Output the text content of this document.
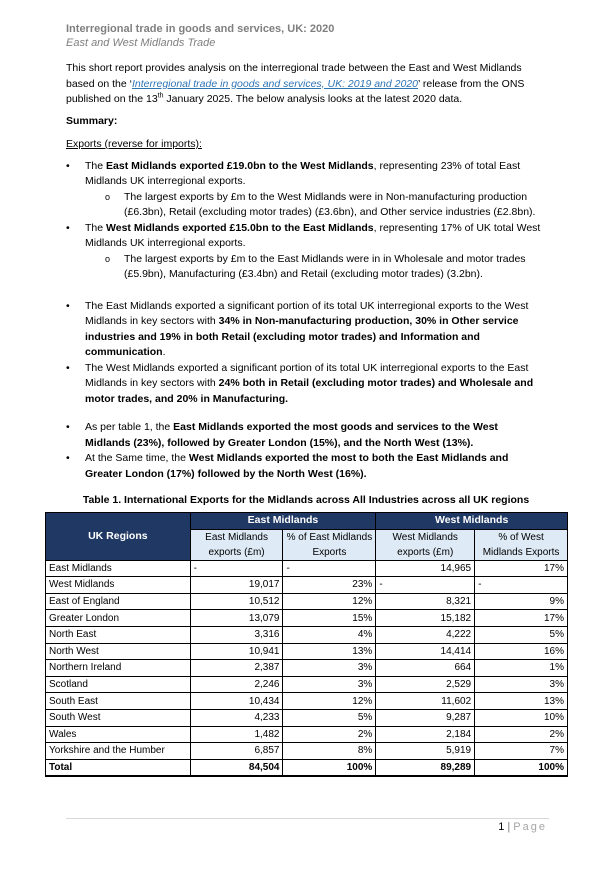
Interregional trade in goods and services, UK: 2020

East and West Midlands Trade

This short report provides analysis on the interregional trade between the East and West Midlands based on the ‘Interregional trade in goods and services, UK: 2019 and 2020’ release from the ONS published on the 13th January 2025. The below analysis looks at the latest 2020 data.

Summary:

Exports (reverse for imports):

• The East Midlands exported £19.0bn to the West Midlands, representing 23% of total East Midlands UK interregional exports.
o The largest exports by £m to the West Midlands were in Non-manufacturing production (£6.3bn), Retail (excluding motor trades) (£3.6bn), and Other service industries (£2.8bn).
• The West Midlands exported £15.0bn to the East Midlands, representing 17% of UK total West Midlands UK interregional exports.
o The largest exports by £m to the East Midlands were in in Wholesale and motor trades (£5.9bn), Manufacturing (£3.4bn) and Retail (excluding motor trades) (3.2bn).
• The East Midlands exported a significant portion of its total UK interregional exports to the West Midlands in key sectors with 34% in Non-manufacturing production, 30% in Other service industries and 19% in both Retail (excluding motor trades) and Information and communication.
• The West Midlands exported a significant portion of its total UK interregional exports to the East Midlands in key sectors with 24% both in Retail (excluding motor trades) and Wholesale and motor trades, and 20% in Manufacturing.
• As per table 1, the East Midlands exported the most goods and services to the West Midlands (23%), followed by Greater London (15%), and the North West (13%).
• At the Same time, the West Midlands exported the most to both the East Midlands and Greater London (17%) followed by the North West (16%).

Table 1. International Exports for the Midlands across All Industries across all UK regions

UK Regions	East Midlands		West Midlands	
	East Midlands exports (£m)	% of East Midlands Exports	West Midlands exports (£m)	% of West Midlands Exports
East Midlands	-	-	14,965	17%
West Midlands	19,017	23%	-	-
East of England	10,512	12%	8,321	9%
Greater London	13,079	15%	15,182	17%
North East	3,316	4%	4,222	5%
North West	10,941	13%	14,414	16%
Northern Ireland	2,387	3%	664	1%
Scotland	2,246	3%	2,529	3%
South East	10,434	12%	11,602	13%
South West	4,233	5%	9,287	10%
Wales	1,482	2%	2,184	2%
Yorkshire and the Humber	6,857	8%	5,919	7%
Total	84,504	100%	89,289	100%
1 | Page
